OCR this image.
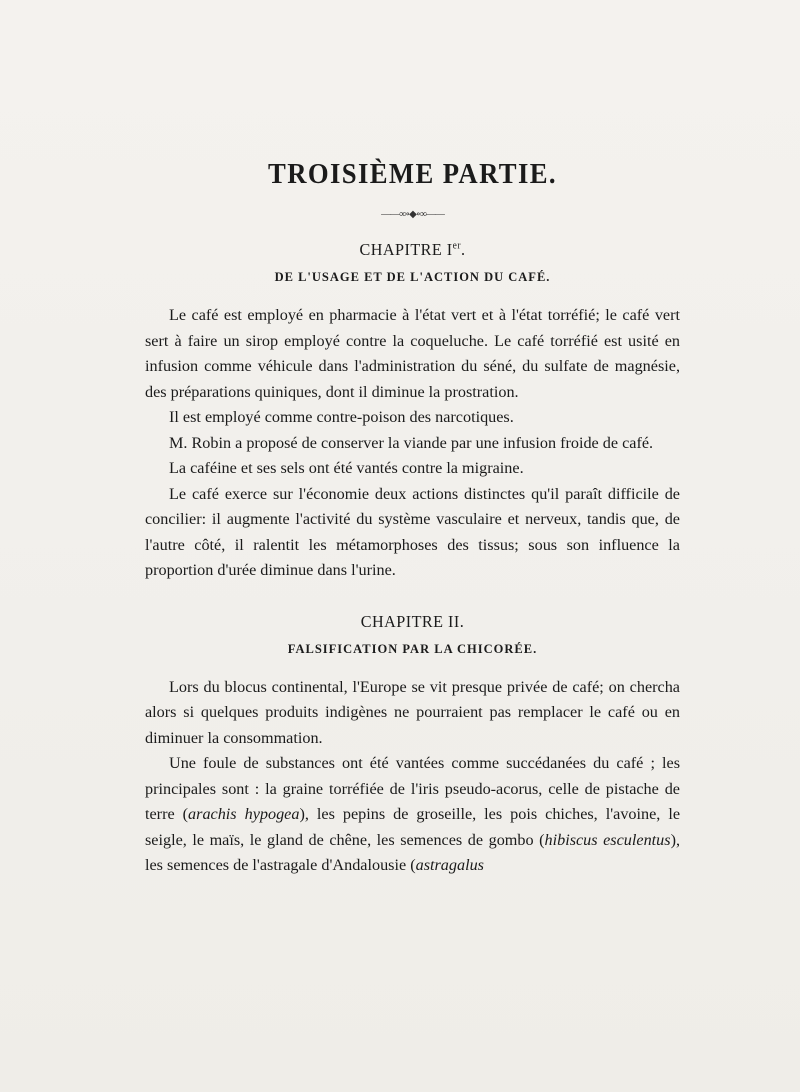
TROISIÈME PARTIE.
——∞∘◆∘∞——
CHAPITRE Ier.
DE L'USAGE ET DE L'ACTION DU CAFÉ.

Le café est employé en pharmacie à l'état vert et à l'état torréfié; le café vert sert à faire un sirop employé contre la coqueluche. Le café torréfié est usité en infusion comme véhicule dans l'administration du séné, du sulfate de magnésie, des préparations quiniques, dont il diminue la prostration.

Il est employé comme contre-poison des narcotiques.

M. Robin a proposé de conserver la viande par une infusion froide de café.

La caféine et ses sels ont été vantés contre la migraine.

Le café exerce sur l'économie deux actions distinctes qu'il paraît difficile de concilier: il augmente l'activité du système vasculaire et nerveux, tandis que, de l'autre côté, il ralentit les métamorphoses des tissus; sous son influence la proportion d'urée diminue dans l'urine.

CHAPITRE II.
FALSIFICATION PAR LA CHICORÉE.

Lors du blocus continental, l'Europe se vit presque privée de café; on chercha alors si quelques produits indigènes ne pourraient pas remplacer le café ou en diminuer la consommation.

Une foule de substances ont été vantées comme succédanées du café ; les principales sont : la graine torréfiée de l'iris pseudo-acorus, celle de pistache de terre (arachis hypogea), les pepins de groseille, les pois chiches, l'avoine, le seigle, le maïs, le gland de chêne, les semences de gombo (hibiscus esculentus), les semences de l'astragale d'Andalousie (astragalus
